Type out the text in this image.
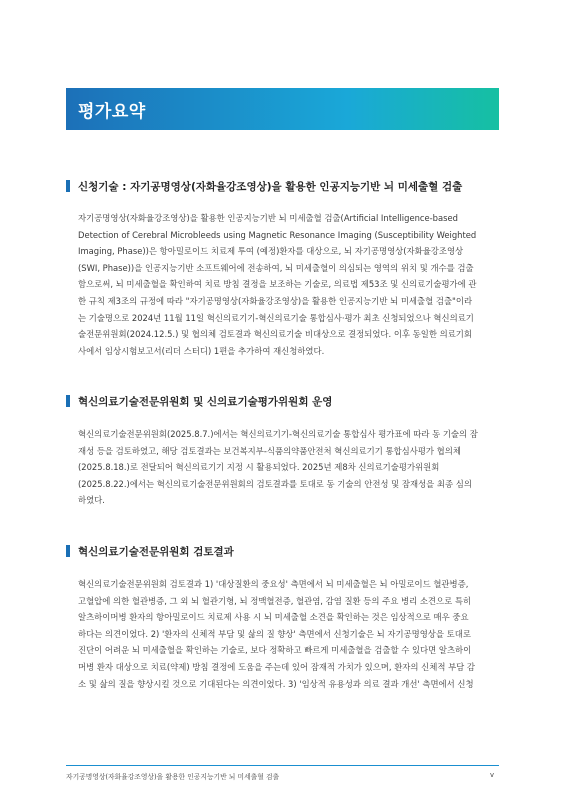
평가요약
신청기술 : 자기공명영상(자화율강조영상)을 활용한 인공지능기반 뇌 미세출혈 검출
자기공명영상(자화율강조영상)을 활용한 인공지능기반 뇌 미세출혈 검출(Artificial Intelligence-based
Detection of Cerebral Microbleeds using Magnetic Resonance Imaging (Susceptibility Weighted
Imaging, Phase))은 항아밀로이드 치료제 투여 (예정)환자를 대상으로, 뇌 자기공명영상(자화율강조영상
(SWI, Phase))을 인공지능기반 소프트웨어에 전송하여, 뇌 미세출혈이 의심되는 영역의 위치 및 개수를 검출
함으로써, 뇌 미세출혈을 확인하여 치료 방침 결정을 보조하는 기술로, 의료법 제53조 및 신의료기술평가에 관
한 규칙 제3조의 규정에 따라 "자기공명영상(자화율강조영상)을 활용한 인공지능기반 뇌 미세출혈 검출"이라
는 기술명으로 2024년 11월 11일 혁신의료기기-혁신의료기술 통합심사·평가 최초 신청되었으나 혁신의료기
술전문위원회(2024.12.5.) 및 협의체 검토결과 혁신의료기술 비대상으로 결정되었다. 이후 동일한 의료기회
사에서 임상시험보고서(리더 스터디) 1편을 추가하여 재신청하였다.
혁신의료기술전문위원회 및 신의료기술평가위원회 운영
혁신의료기술전문위원회(2025.8.7.)에서는 혁신의료기기-혁신의료기술 통합심사 평가표에 따라 동 기술의 잠
재성 등을 검토하였고, 해당 검토결과는 보건복지부-식품의약품안전처 혁신의료기기 통합심사평가 협의체
(2025.8.18.)로 전달되어 혁신의료기기 지정 시 활용되었다. 2025년 제8차 신의료기술평가위원회
(2025.8.22.)에서는 혁신의료기술전문위원회의 검토결과를 토대로 동 기술의 안전성 및 잠재성을 최종 심의
하였다.
혁신의료기술전문위원회 검토결과
혁신의료기술전문위원회 검토결과 1) '대상질환의 중요성' 측면에서 뇌 미세출혈은 뇌 아밀로이드 혈관병증,
고혈압에 의한 혈관병증, 그 외 뇌 혈관기형, 뇌 정맥혈전증, 혈관염, 감염 질환 등의 주요 병리 소견으로 특히
알츠하이머병 환자의 항아밀로이드 치료제 사용 시 뇌 미세출혈 소견을 확인하는 것은 임상적으로 매우 중요
하다는 의견이었다. 2) '환자의 신체적 부담 및 삶의 질 향상' 측면에서 신청기술은 뇌 자기공명영상을 토대로
진단이 어려운 뇌 미세출혈을 확인하는 기술로, 보다 정확하고 빠르게 미세출혈을 검출할 수 있다면 알츠하이
머병 환자 대상으로 치료(약제) 방침 결정에 도움을 주는데 있어 잠재적 가치가 있으며, 환자의 신체적 부담 감
소 및 삶의 질을 향상시킬 것으로 기대된다는 의견이었다. 3) '임상적 유용성과 의료 결과 개선' 측면에서 신청
자기공명영상(자화율강조영상)을 활용한 인공지능기반 뇌 미세출혈 검출	v
